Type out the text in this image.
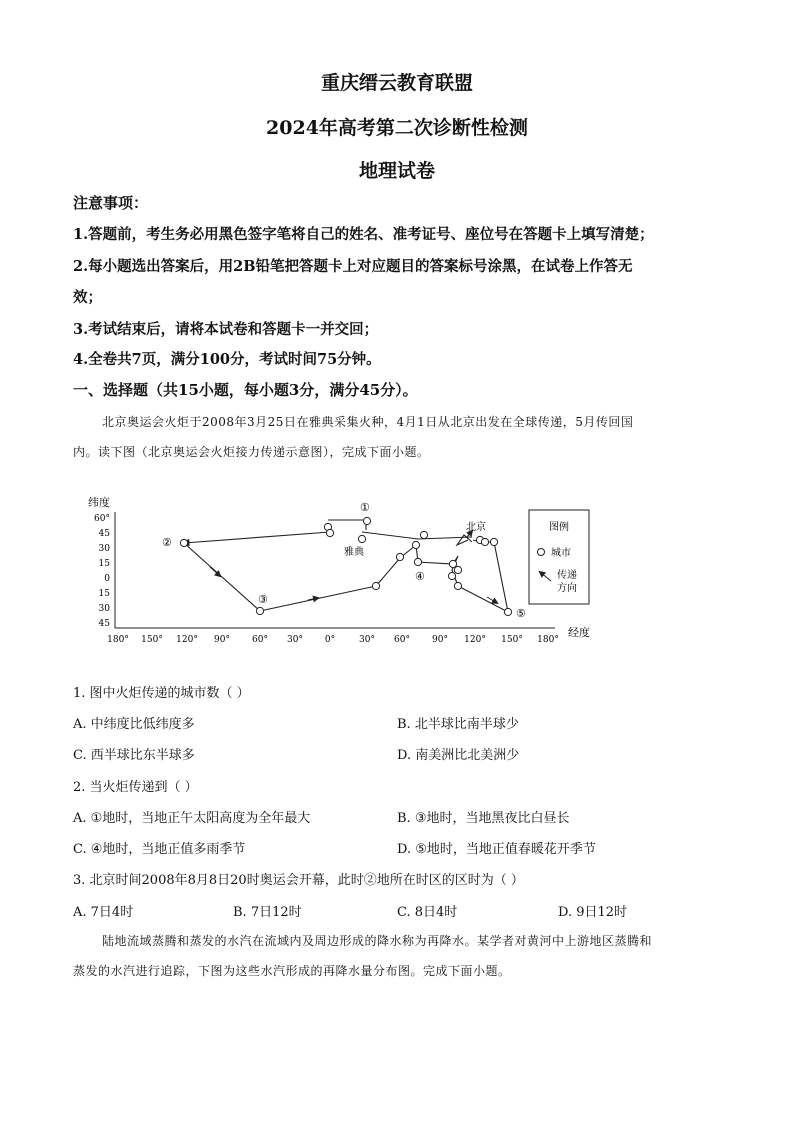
重庆缙云教育联盟
2024年高考第二次诊断性检测
地理试卷
注意事项：
1.答题前，考生务必用黑色签字笔将自己的姓名、准考证号、座位号在答题卡上填写清楚；
2.每小题选出答案后，用2B铅笔把答题卡上对应题目的答案标号涂黑，在试卷上作答无
效；
3.考试结束后，请将本试卷和答题卡一并交回；
4.全卷共7页，满分100分，考试时间75分钟。
一、选择题（共15小题，每小题3分，满分45分）。
北京奥运会火炬于2008年3月25日在雅典采集火种，4月1日从北京出发在全球传递，5月传回国
内。读下图（北京奥运会火炬接力传递示意图），完成下面小题。
纬度
经度
60°
45
30
15
0
15
30
45
180° 150° 120° 90° 60° 30° 0°	30° 60° 90° 120° 150° 180°
①
②
③
④
⑤
雅典
北京	图例
城市
传递
方向
1. 图中火炬传递的城市数（ ）
A. 中纬度比低纬度多	B. 北半球比南半球少
C. 西半球比东半球多	D. 南美洲比北美洲少
2. 当火炬传递到（ ）
A. ①地时，当地正午太阳高度为全年最大	B. ③地时，当地黑夜比白昼长
C. ④地时，当地正值多雨季节	D. ⑤地时，当地正值春暖花开季节
3. 北京时间2008年8月8日20时奥运会开幕，此时②地所在时区的区时为（ ）
A. 7日4时	B. 7日12时	C. 8日4时	D. 9日12时
陆地流域蒸腾和蒸发的水汽在流域内及周边形成的降水称为再降水。某学者对黄河中上游地区蒸腾和
蒸发的水汽进行追踪，下图为这些水汽形成的再降水量分布图。完成下面小题。
